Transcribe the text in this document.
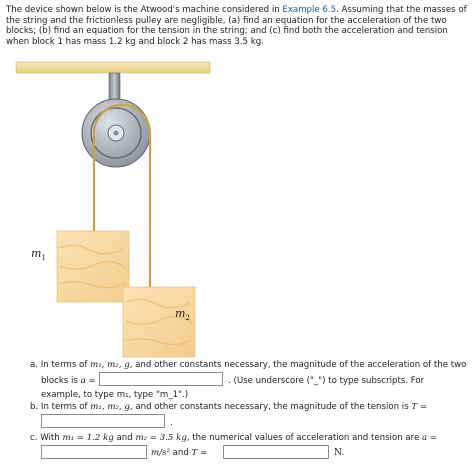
The device shown below is the Atwood's machine considered in Example 6.5. Assuming that the masses of the string and the frictionless pulley are negligible, (a) find an equation for the acceleration of the two blocks; (b) find an equation for the tension in the string; and (c) find both the acceleration and tension when block 1 has mass 1.2 kg and block 2 has mass 3.5 kg.
$m_1$
$m_2$
a. In terms of m₁, m₂, g, and other constants necessary, the magnitude of the acceleration of the two
blocks is a =	. (Use underscore ("_") to type subscripts. For
example, to type m₁, type "m_1".)
b. In terms of m₁, m₂, g, and other constants necessary, the magnitude of the tension is T =
.
c. With m₁ = 1.2 kg and m₂ = 3.5 kg, the numerical values of acceleration and tension are a =
m/s² and T =	N.
